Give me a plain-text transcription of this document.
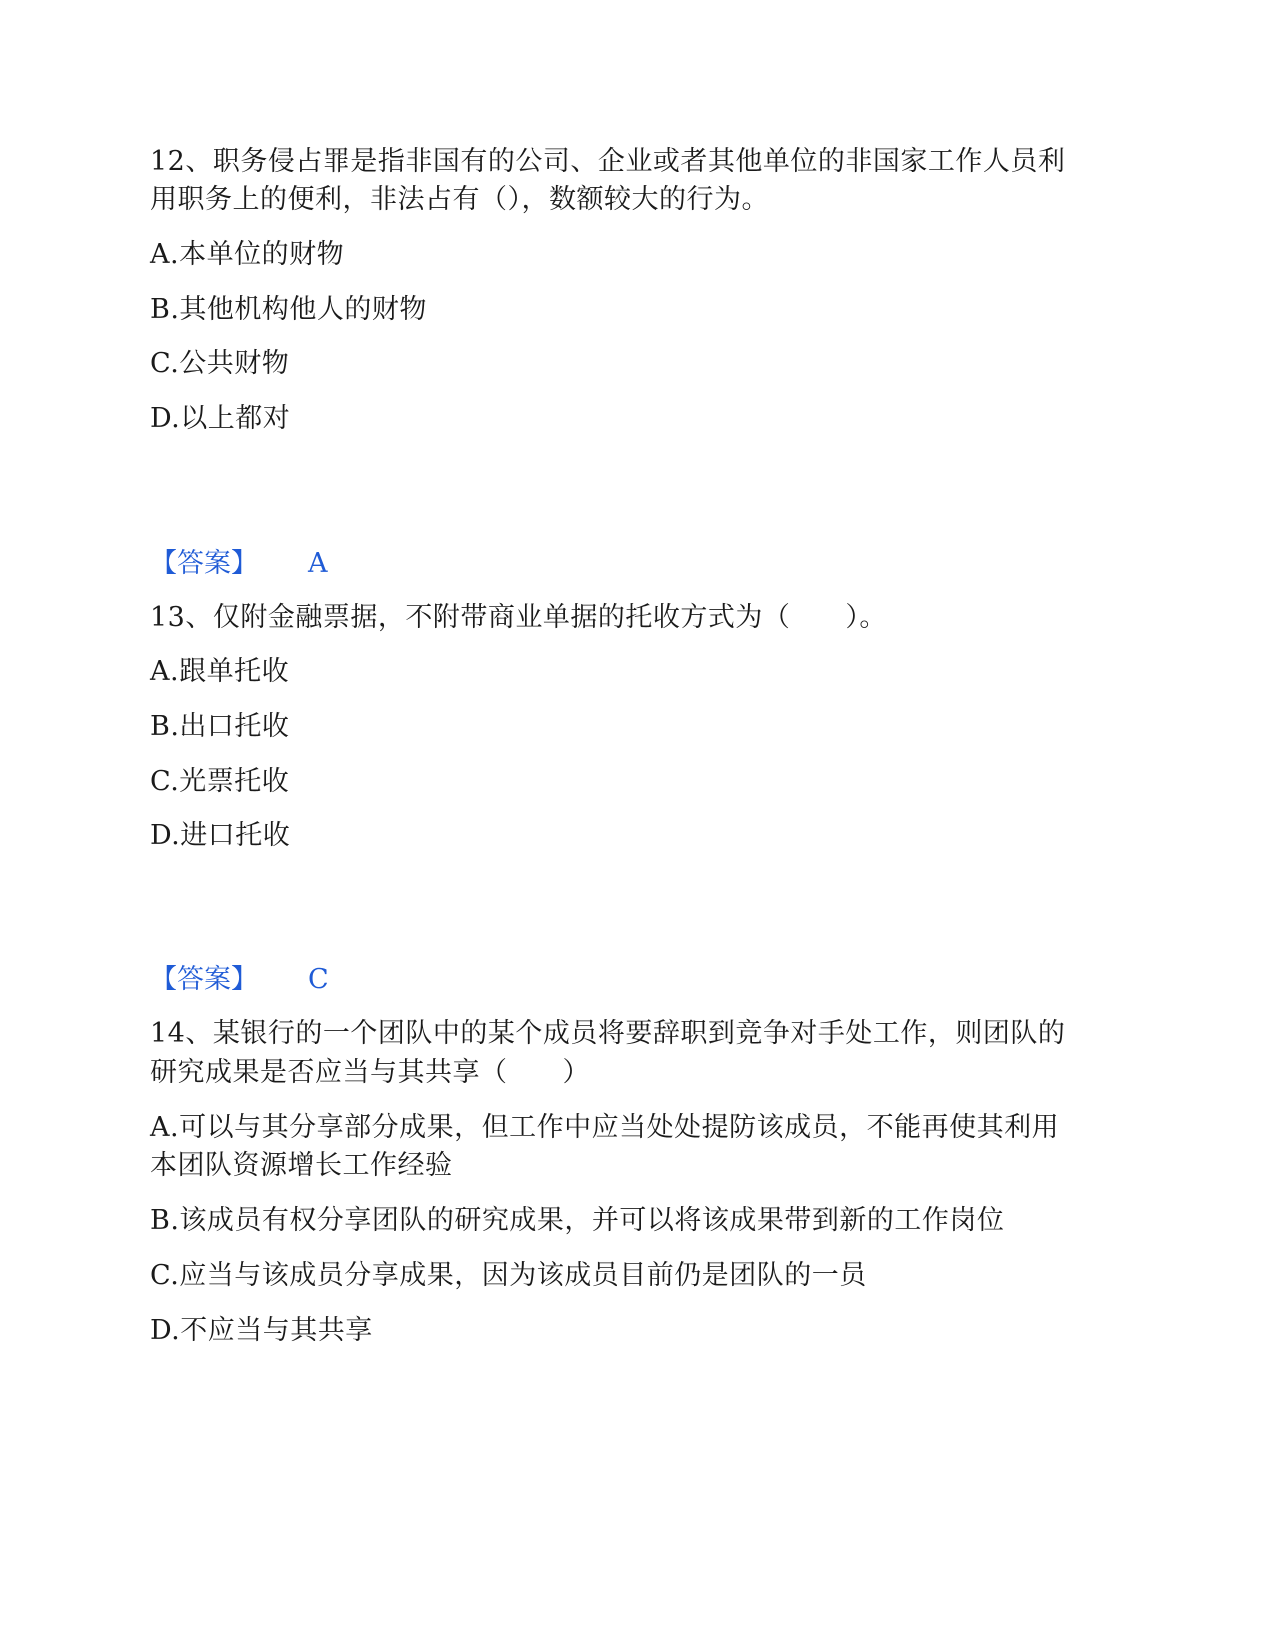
12、职务侵占罪是指非国有的公司、企业或者其他单位的非国家工作人员利
用职务上的便利，非法占有（），数额较大的行为。
A.本单位的财物
B.其他机构他人的财物
C.公共财物
D.以上都对
【答案】 A
13、仅附金融票据，不附带商业单据的托收方式为（　　）。
A.跟单托收
B.出口托收
C.光票托收
D.进口托收
【答案】 C
14、某银行的一个团队中的某个成员将要辞职到竞争对手处工作，则团队的
研究成果是否应当与其共享（　　）
A.可以与其分享部分成果，但工作中应当处处提防该成员，不能再使其利用
本团队资源增长工作经验
B.该成员有权分享团队的研究成果，并可以将该成果带到新的工作岗位
C.应当与该成员分享成果，因为该成员目前仍是团队的一员
D.不应当与其共享
